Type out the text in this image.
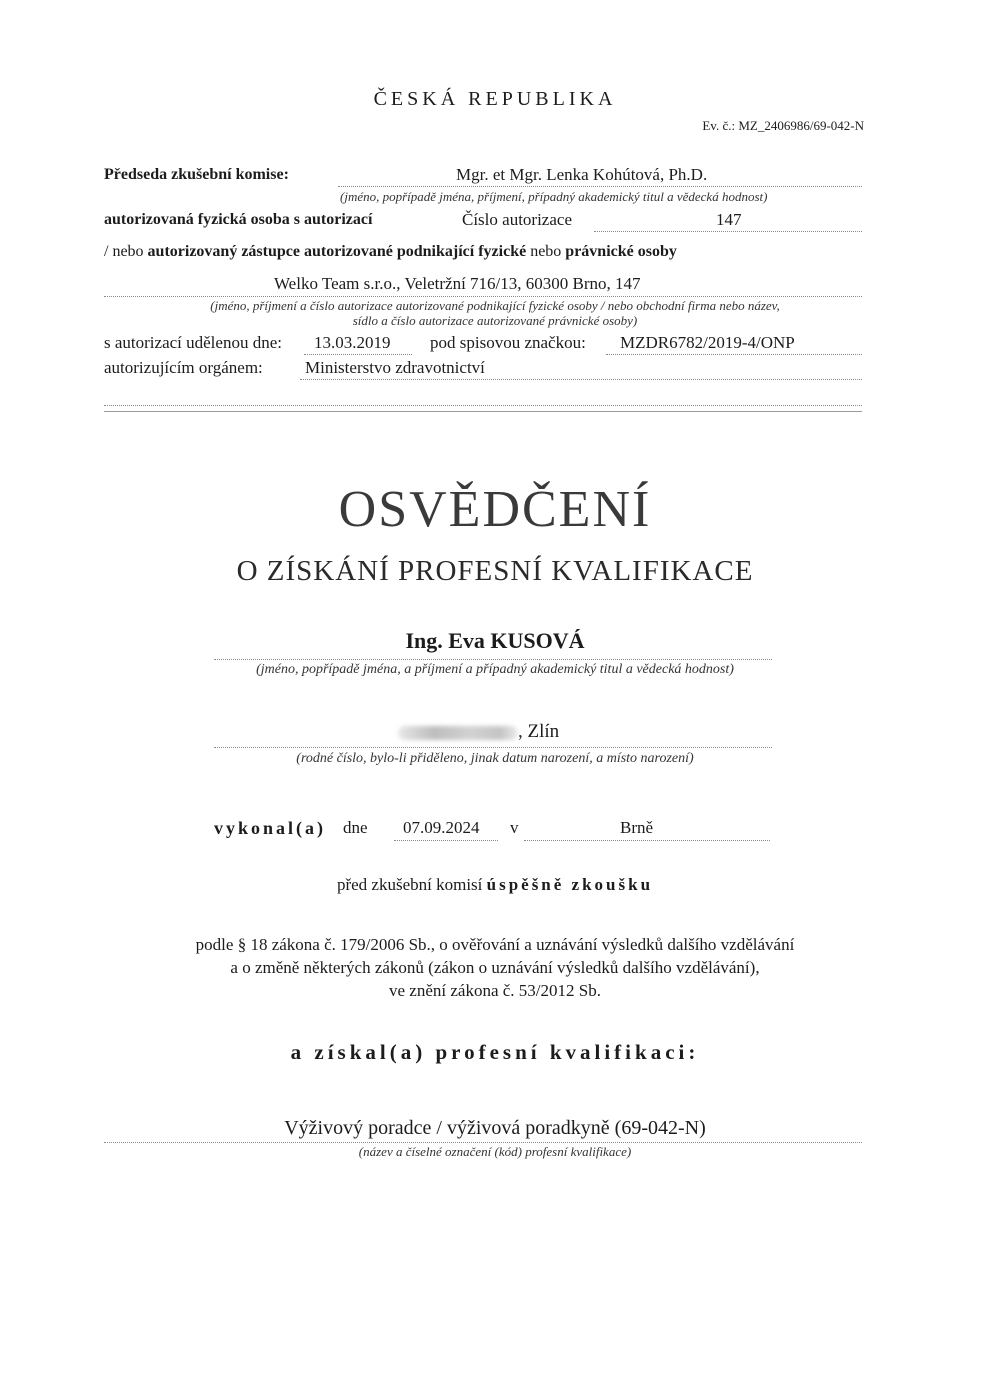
ČESKÁ REPUBLIKA
Ev. č.: MZ_2406986/69-042-N
Předseda zkušební komise:	Mgr. et Mgr. Lenka Kohútová, Ph.D.
(jméno, popřípadě jména, příjmení, případný akademický titul a vědecká hodnost)
autorizovaná fyzická osoba s autorizací	Číslo autorizace	147
/ nebo autorizovaný zástupce autorizované podnikající fyzické nebo právnické osoby
Welko Team s.r.o., Veletržní 716/13, 60300 Brno, 147
(jméno, příjmení a číslo autorizace autorizované podnikající fyzické osoby / nebo obchodní firma nebo název,
sídlo a číslo autorizace autorizované právnické osoby)
s autorizací udělenou dne: 13.03.2019 pod spisovou značkou: MZDR6782/2019-4/ONP
autorizujícím orgánem: Ministerstvo zdravotnictví
OSVĚDČENÍ
O ZÍSKÁNÍ PROFESNÍ KVALIFIKACE
Ing. Eva KUSOVÁ
(jméno, popřípadě jména, a příjmení a případný akademický titul a vědecká hodnost)
, Zlín
(rodné číslo, bylo-li přiděleno, jinak datum narození, a místo narození)
vykonal(a) dne 07.09.2024 v	Brně
před zkušební komisí úspěšně zkoušku
podle § 18 zákona č. 179/2006 Sb., o ověřování a uznávání výsledků dalšího vzdělávání
a o změně některých zákonů (zákon o uznávání výsledků dalšího vzdělávání),
ve znění zákona č. 53/2012 Sb.
a získal(a) profesní kvalifikaci:
Výživový poradce / výživová poradkyně (69-042-N)
(název a číselné označení (kód) profesní kvalifikace)
